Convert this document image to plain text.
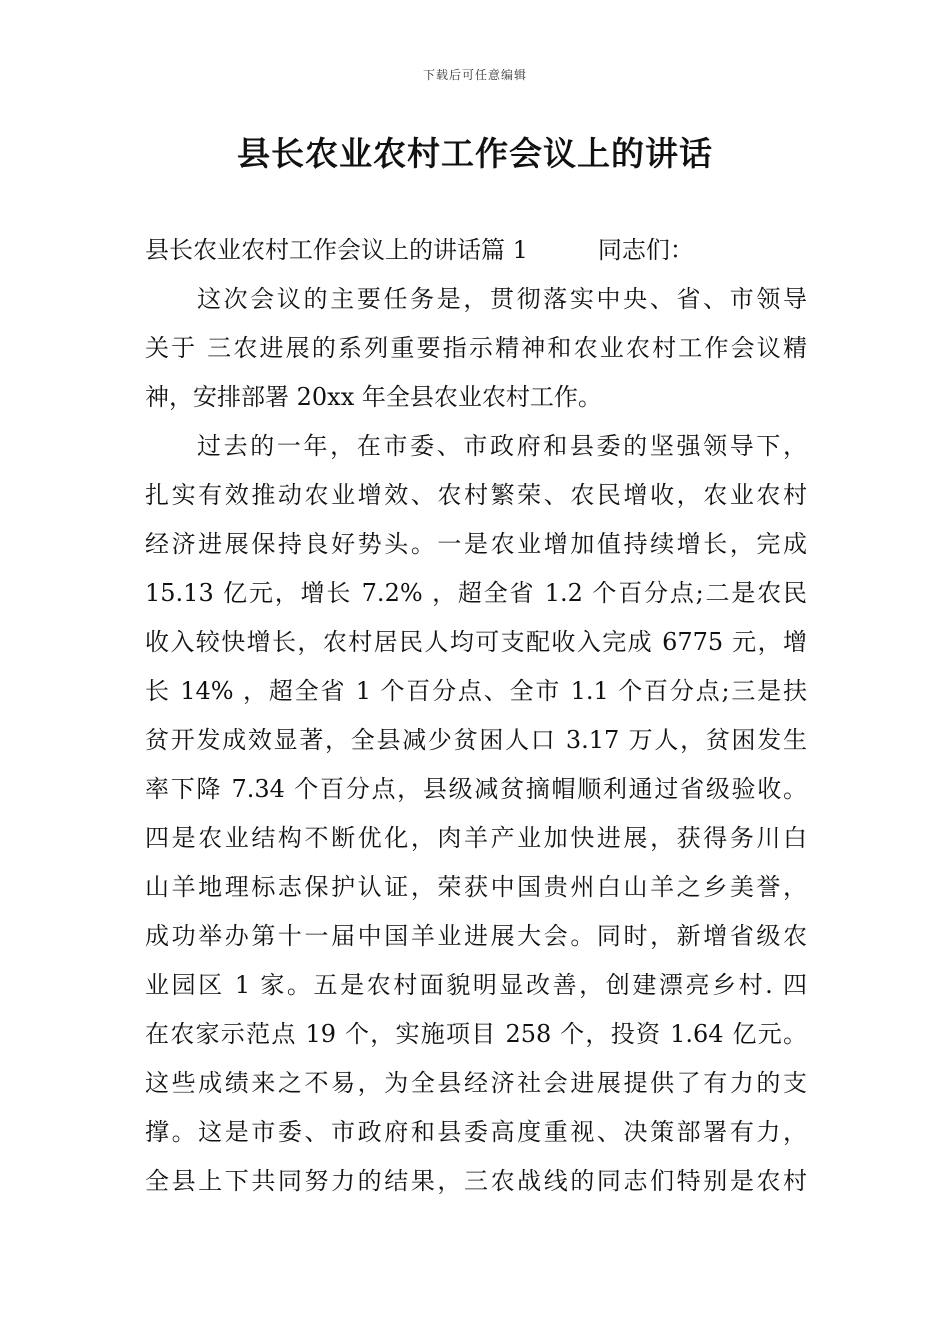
下载后可任意编辑
县长农业农村工作会议上的讲话
县长农业农村工作会议上的讲话篇 1	同志们：
这次会议的主要任务是，贯彻落实中央、省、市领导
关于 三农进展的系列重要指示精神和农业农村工作会议精
神，安排部署 20xx 年全县农业农村工作。
过去的一年，在市委、市政府和县委的坚强领导下，
扎实有效推动农业增效、农村繁荣、农民增收，农业农村
经济进展保持良好势头。一是农业增加值持续增长，完成
15.13 亿元，增长 7.2% ，超全省 1.2 个百分点;二是农民
收入较快增长，农村居民人均可支配收入完成 6775 元，增
长 14% ，超全省 1 个百分点、全市 1.1 个百分点;三是扶
贫开发成效显著，全县减少贫困人口 3.17 万人，贫困发生
率下降 7.34 个百分点，县级减贫摘帽顺利通过省级验收。
四是农业结构不断优化，肉羊产业加快进展，获得务川白
山羊地理标志保护认证，荣获中国贵州白山羊之乡美誉，
成功举办第十一届中国羊业进展大会。同时，新增省级农
业园区 1 家。五是农村面貌明显改善，创建漂亮乡村. 四
在农家示范点 19 个，实施项目 258 个，投资 1.64 亿元。
这些成绩来之不易，为全县经济社会进展提供了有力的支
撑。这是市委、市政府和县委高度重视、决策部署有力，
全县上下共同努力的结果，三农战线的同志们特别是农村
